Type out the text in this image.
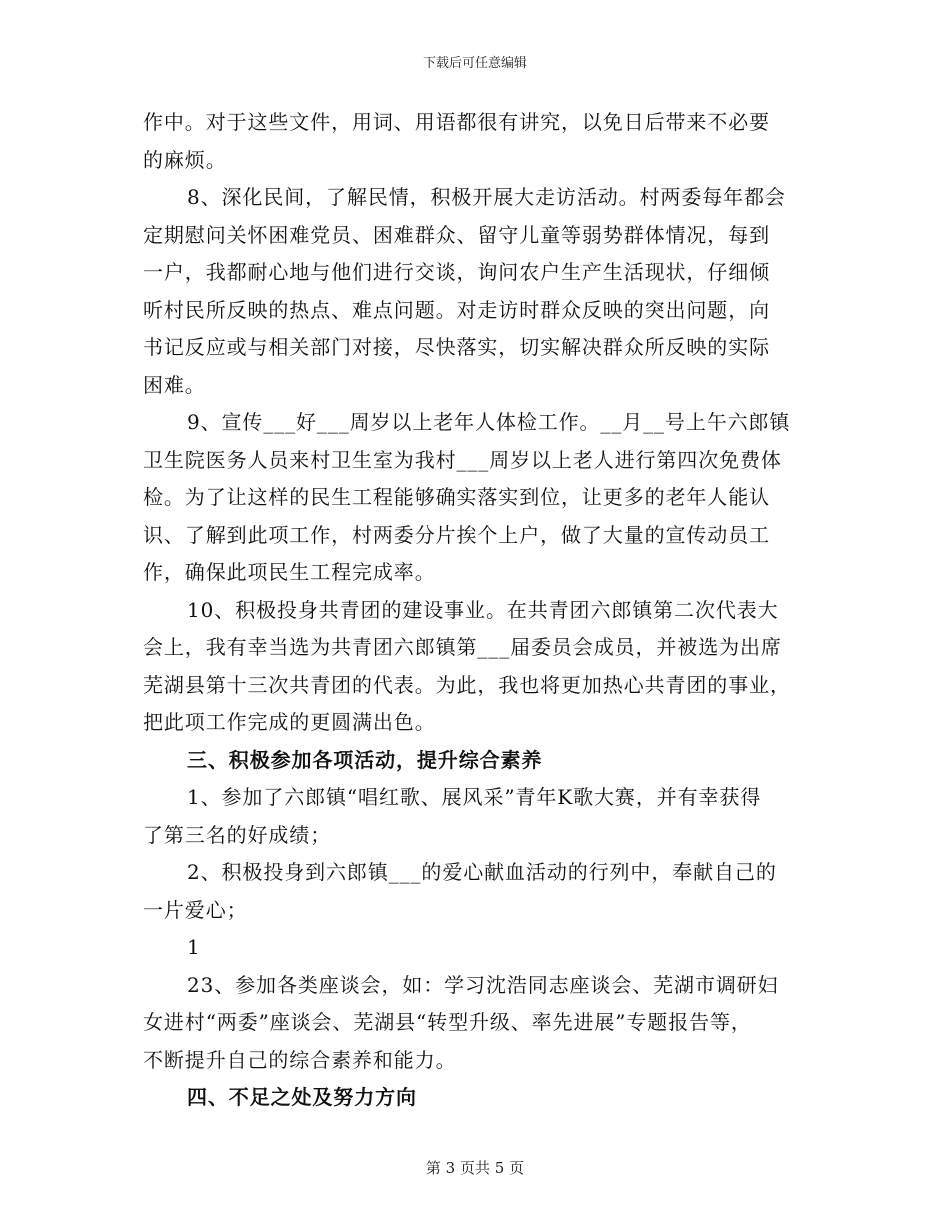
下载后可任意编辑
作中。对于这些文件，用词、用语都很有讲究，以免日后带来不必要
的麻烦。
8、深化民间，了解民情，积极开展大走访活动。村两委每年都会
定期慰问关怀困难党员、困难群众、留守儿童等弱势群体情况，每到
一户，我都耐心地与他们进行交谈，询问农户生产生活现状，仔细倾
听村民所反映的热点、难点问题。对走访时群众反映的突出问题，向
书记反应或与相关部门对接，尽快落实，切实解决群众所反映的实际
困难。
9、宣传___好___周岁以上老年人体检工作。__月__号上午六郎镇
卫生院医务人员来村卫生室为我村___周岁以上老人进行第四次免费体
检。为了让这样的民生工程能够确实落实到位，让更多的老年人能认
识、了解到此项工作，村两委分片挨个上户，做了大量的宣传动员工
作，确保此项民生工程完成率。
10、积极投身共青团的建设事业。在共青团六郎镇第二次代表大
会上，我有幸当选为共青团六郎镇第___届委员会成员，并被选为出席
芜湖县第十三次共青团的代表。为此，我也将更加热心共青团的事业，
把此项工作完成的更圆满出色。
三、积极参加各项活动，提升综合素养
1、参加了六郎镇“唱红歌、展风采”青年K歌大赛，并有幸获得
了第三名的好成绩；
2、积极投身到六郎镇___的爱心献血活动的行列中，奉献自己的
一片爱心；
1
23、参加各类座谈会，如：学习沈浩同志座谈会、芜湖市调研妇
女进村“两委”座谈会、芜湖县“转型升级、率先进展”专题报告等，
不断提升自己的综合素养和能力。
四、不足之处及努力方向
第 3 页共 5 页
